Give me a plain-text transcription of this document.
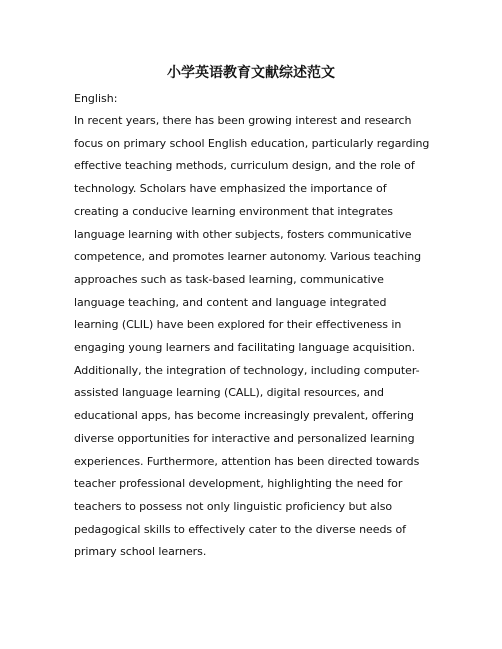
小学英语教育文献综述范文
English:

In recent years, there has been growing interest and research focus on primary school English education, particularly regarding effective teaching methods, curriculum design, and the role of technology. Scholars have emphasized the importance of creating a conducive learning environment that integrates language learning with other subjects, fosters communicative competence, and promotes learner autonomy. Various teaching approaches such as task-based learning, communicative language teaching, and content and language integrated learning (CLIL) have been explored for their effectiveness in engaging young learners and facilitating language acquisition. Additionally, the integration of technology, including computer-assisted language learning (CALL), digital resources, and educational apps, has become increasingly prevalent, offering diverse opportunities for interactive and personalized learning experiences. Furthermore, attention has been directed towards teacher professional development, highlighting the need for teachers to possess not only linguistic proficiency but also pedagogical skills to effectively cater to the diverse needs of primary school learners.
